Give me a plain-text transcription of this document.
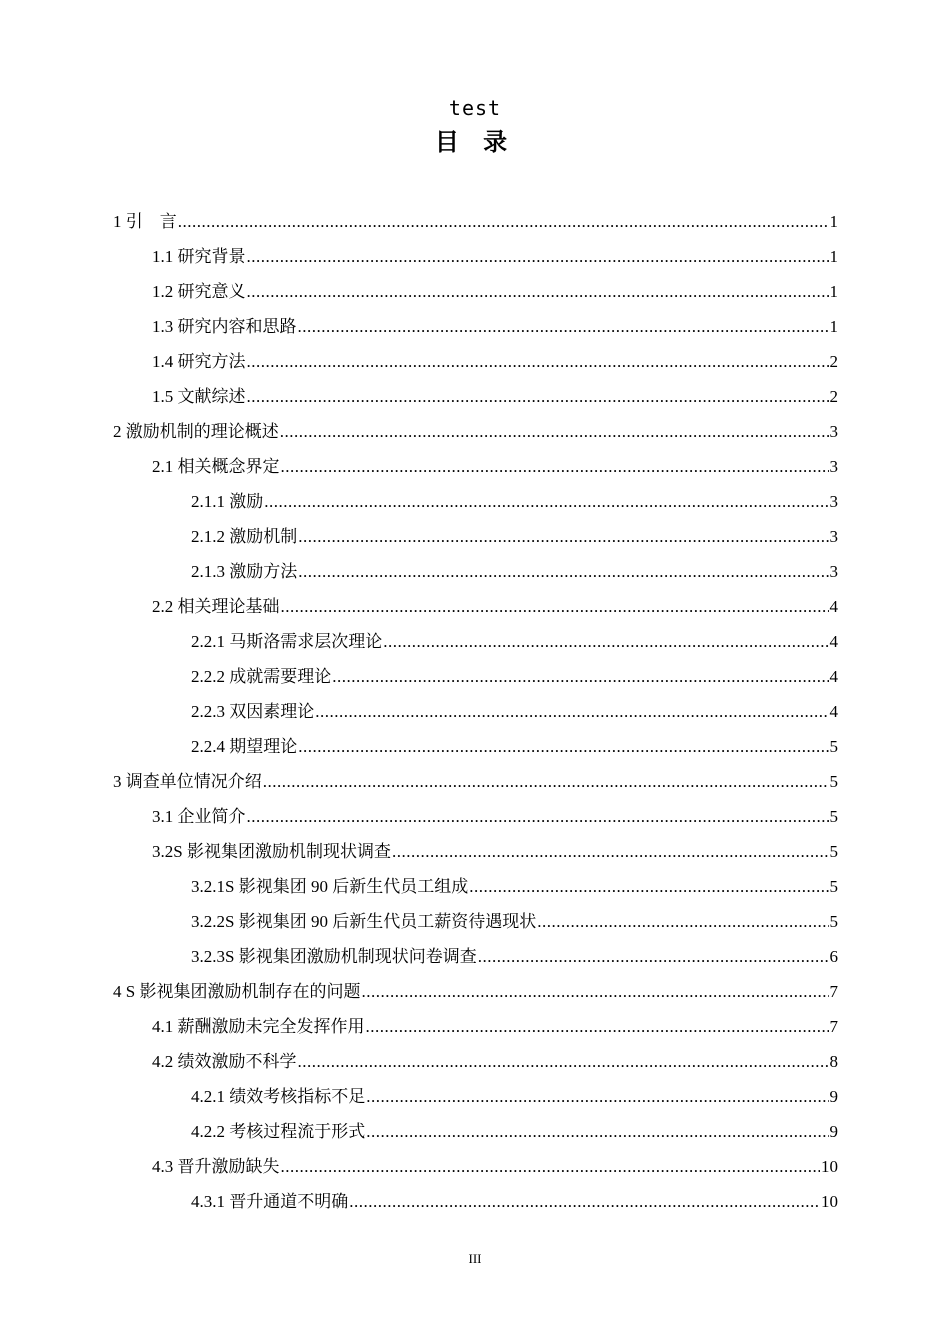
test
目 录
1 引　言 .....	1
1.1 研究背景 .....	1
1.2 研究意义 .....	1
1.3 研究内容和思路 .....	1
1.4 研究方法 .....	2
1.5 文献综述 .....	2
2 激励机制的理论概述 .....	3
2.1 相关概念界定 .....	3
2.1.1 激励 .....	3
2.1.2 激励机制 .....	3
2.1.3 激励方法 .....	3
2.2 相关理论基础 .....	4
2.2.1 马斯洛需求层次理论 .....	4
2.2.2 成就需要理论 .....	4
2.2.3 双因素理论 .....	4
2.2.4 期望理论 .....	5
3 调查单位情况介绍 .....	5
3.1 企业简介 .....	5
3.2S 影视集团激励机制现状调查 .....	5
3.2.1S 影视集团 90 后新生代员工组成 .....	5
3.2.2S 影视集团 90 后新生代员工薪资待遇现状 .....	5
3.2.3S 影视集团激励机制现状问卷调查 .....	6
4 S 影视集团激励机制存在的问题 .....	7
4.1 薪酬激励未完全发挥作用 .....	7
4.2 绩效激励不科学 .....	8
4.2.1 绩效考核指标不足 .....	9
4.2.2 考核过程流于形式 .....	9
4.3 晋升激励缺失 .....	10
4.3.1 晋升通道不明确 .....	10
III
